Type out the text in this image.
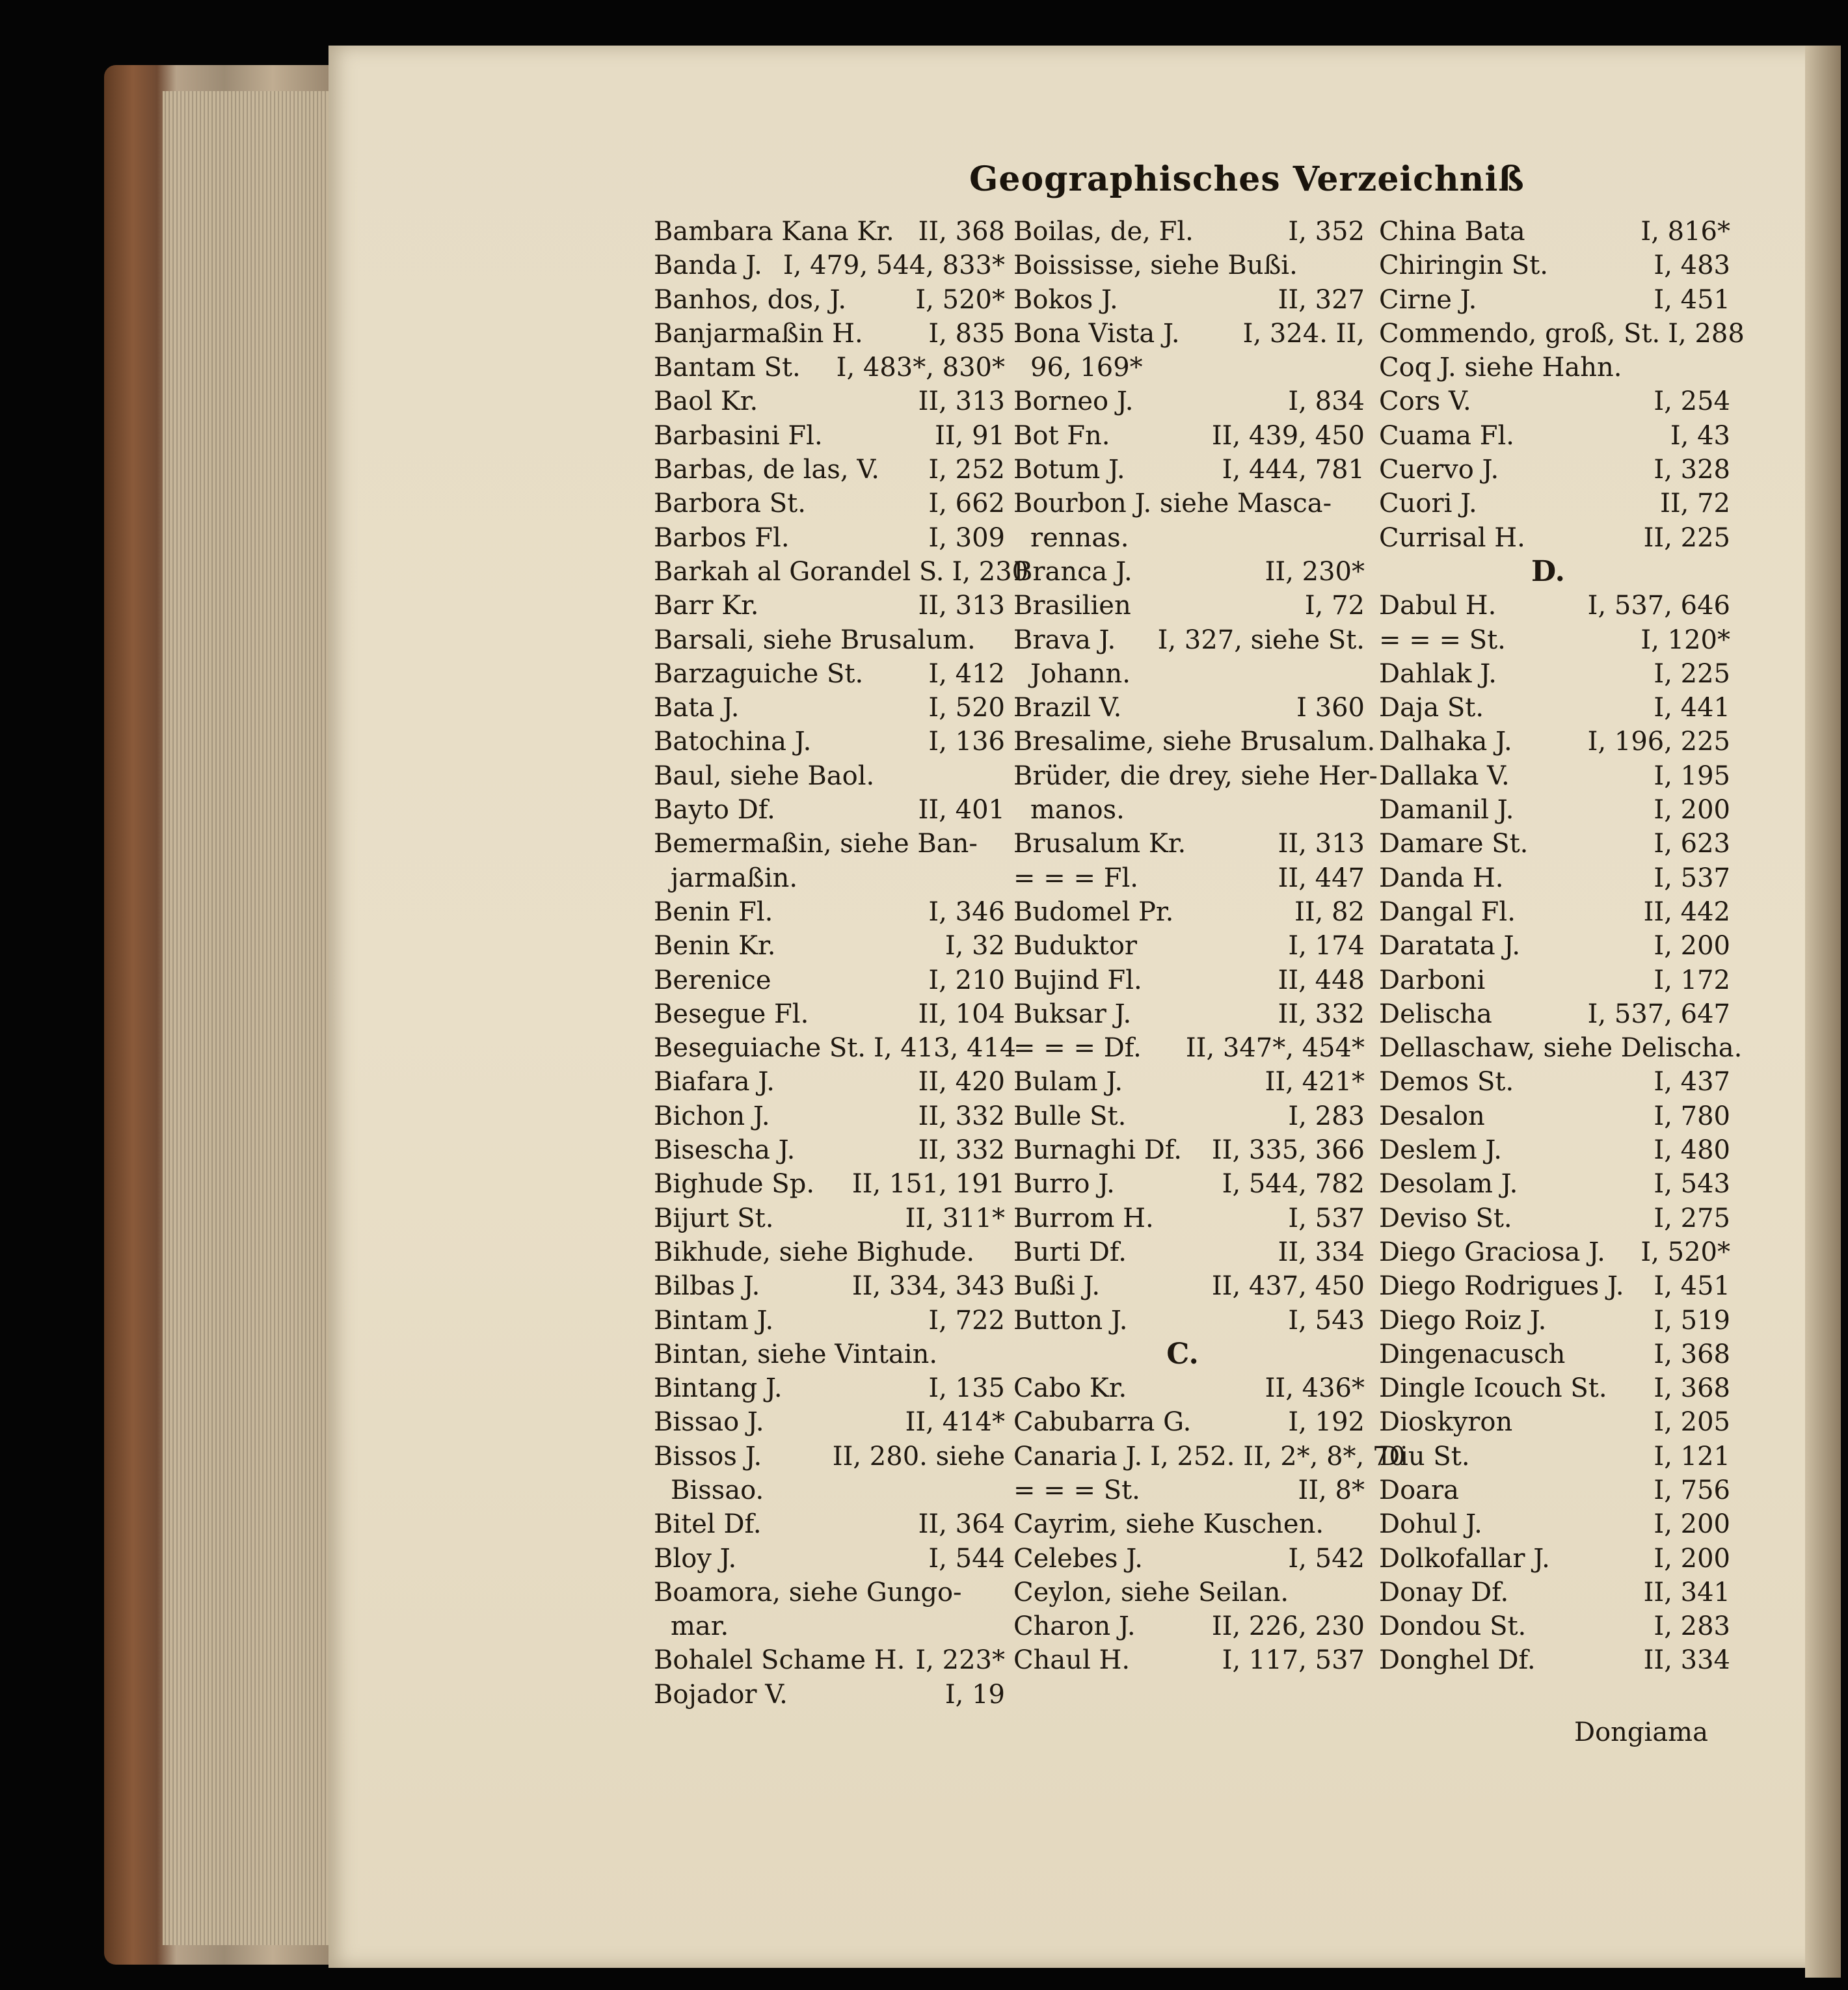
Geographisches Verzeichniß
Bambara Kana Kr. II, 368
Banda J. I, 479, 544, 833*
Banhos, dos, J.	I, 520*
Banjarmaßin H.	I, 835
Bantam St.	I, 483*, 830*
Baol Kr.	II, 313
Barbasini Fl.	II, 91
Barbas, de las, V.	I, 252
Barbora St.	I, 662
Barbos Fl.	I, 309
Barkah al Gorandel S. I, 230
Barr Kr.	II, 313
Barsali, siehe Brusalum.
Barzaguiche St.	I, 412
Bata J.	I, 520
Batochina J.	I, 136
Baul, siehe Baol.
Bayto Df.	II, 401
Bemermaßin, siehe Ban-
jarmaßin.
Benin Fl.	I, 346
Benin Kr.	I, 32
Berenice	I, 210
Besegue Fl.	II, 104
Beseguiache St. I, 413, 414
Biafara J.	II, 420
Bichon J.	II, 332
Bisescha J.	II, 332
Bighude Sp.	II, 151, 191
Bijurt St.	II, 311*
Bikhude, siehe Bighude.
Bilbas J.	II, 334, 343
Bintam J.	I, 722
Bintan, siehe Vintain.
Bintang J.	I, 135
Bissao J.	II, 414*
Bissos J.	II, 280. siehe
Bissao.
Bitel Df.	II, 364
Bloy J.	I, 544
Boamora, siehe Gungo-
mar.
Bohalel Schame H. I, 223*
Bojador V.	I, 19
Boilas, de, Fl.	I, 352
Boississe, siehe Bußi.
Bokos J.	II, 327
Bona Vista J.	I, 324. II,
96, 169*
Borneo J.	I, 834
Bot Fn.	II, 439, 450
Botum J.	I, 444, 781
Bourbon J. siehe Masca-
rennas.
Branca J.	II, 230*
Brasilien	I, 72
Brava J.	I, 327, siehe St.
Johann.
Brazil V.	I 360
Bresalime, siehe Brusalum.
Brüder, die drey, siehe Her-
manos.
Brusalum Kr.	II, 313
= = = Fl.	II, 447
Budomel Pr.	II, 82
Buduktor	I, 174
Bujind Fl.	II, 448
Buksar J.	II, 332
= = = Df.	II, 347*, 454*
Bulam J.	II, 421*
Bulle St.	I, 283
Burnaghi Df.	II, 335, 366
Burro J.	I, 544, 782
Burrom H.	I, 537
Burti Df.	II, 334
Bußi J.	II, 437, 450
Button J.	I, 543
C.
Cabo Kr.	II, 436*
Cabubarra G.	I, 192
Canaria J. I, 252. II, 2*, 8*, 70
= = = St.	II, 8*
Cayrim, siehe Kuschen.
Celebes J.	I, 542
Ceylon, siehe Seilan.
Charon J.	II, 226, 230
Chaul H.	I, 117, 537
China Bata	I, 816*
Chiringin St.	I, 483
Cirne J.	I, 451
Commendo, groß, St. I, 288
Coq J. siehe Hahn.
Cors V.	I, 254
Cuama Fl.	I, 43
Cuervo J.	I, 328
Cuori J.	II, 72
Currisal H.	II, 225
D.
Dabul H.	I, 537, 646
= = = St.	I, 120*
Dahlak J.	I, 225
Daja St.	I, 441
Dalhaka J.	I, 196, 225
Dallaka V.	I, 195
Damanil J.	I, 200
Damare St.	I, 623
Danda H.	I, 537
Dangal Fl.	II, 442
Daratata J.	I, 200
Darboni	I, 172
Delischa	I, 537, 647
Dellaschaw, siehe Delischa.
Demos St.	I, 437
Desalon	I, 780
Deslem J.	I, 480
Desolam J.	I, 543
Deviso St.	I, 275
Diego Graciosa J.	I, 520*
Diego Rodrigues J.	I, 451
Diego Roiz J.	I, 519
Dingenacusch	I, 368
Dingle Icouch St.	I, 368
Dioskyron	I, 205
Diu St.	I, 121
Doara	I, 756
Dohul J.	I, 200
Dolkofallar J.	I, 200
Donay Df.	II, 341
Dondou St.	I, 283
Donghel Df.	II, 334
Dongiama
